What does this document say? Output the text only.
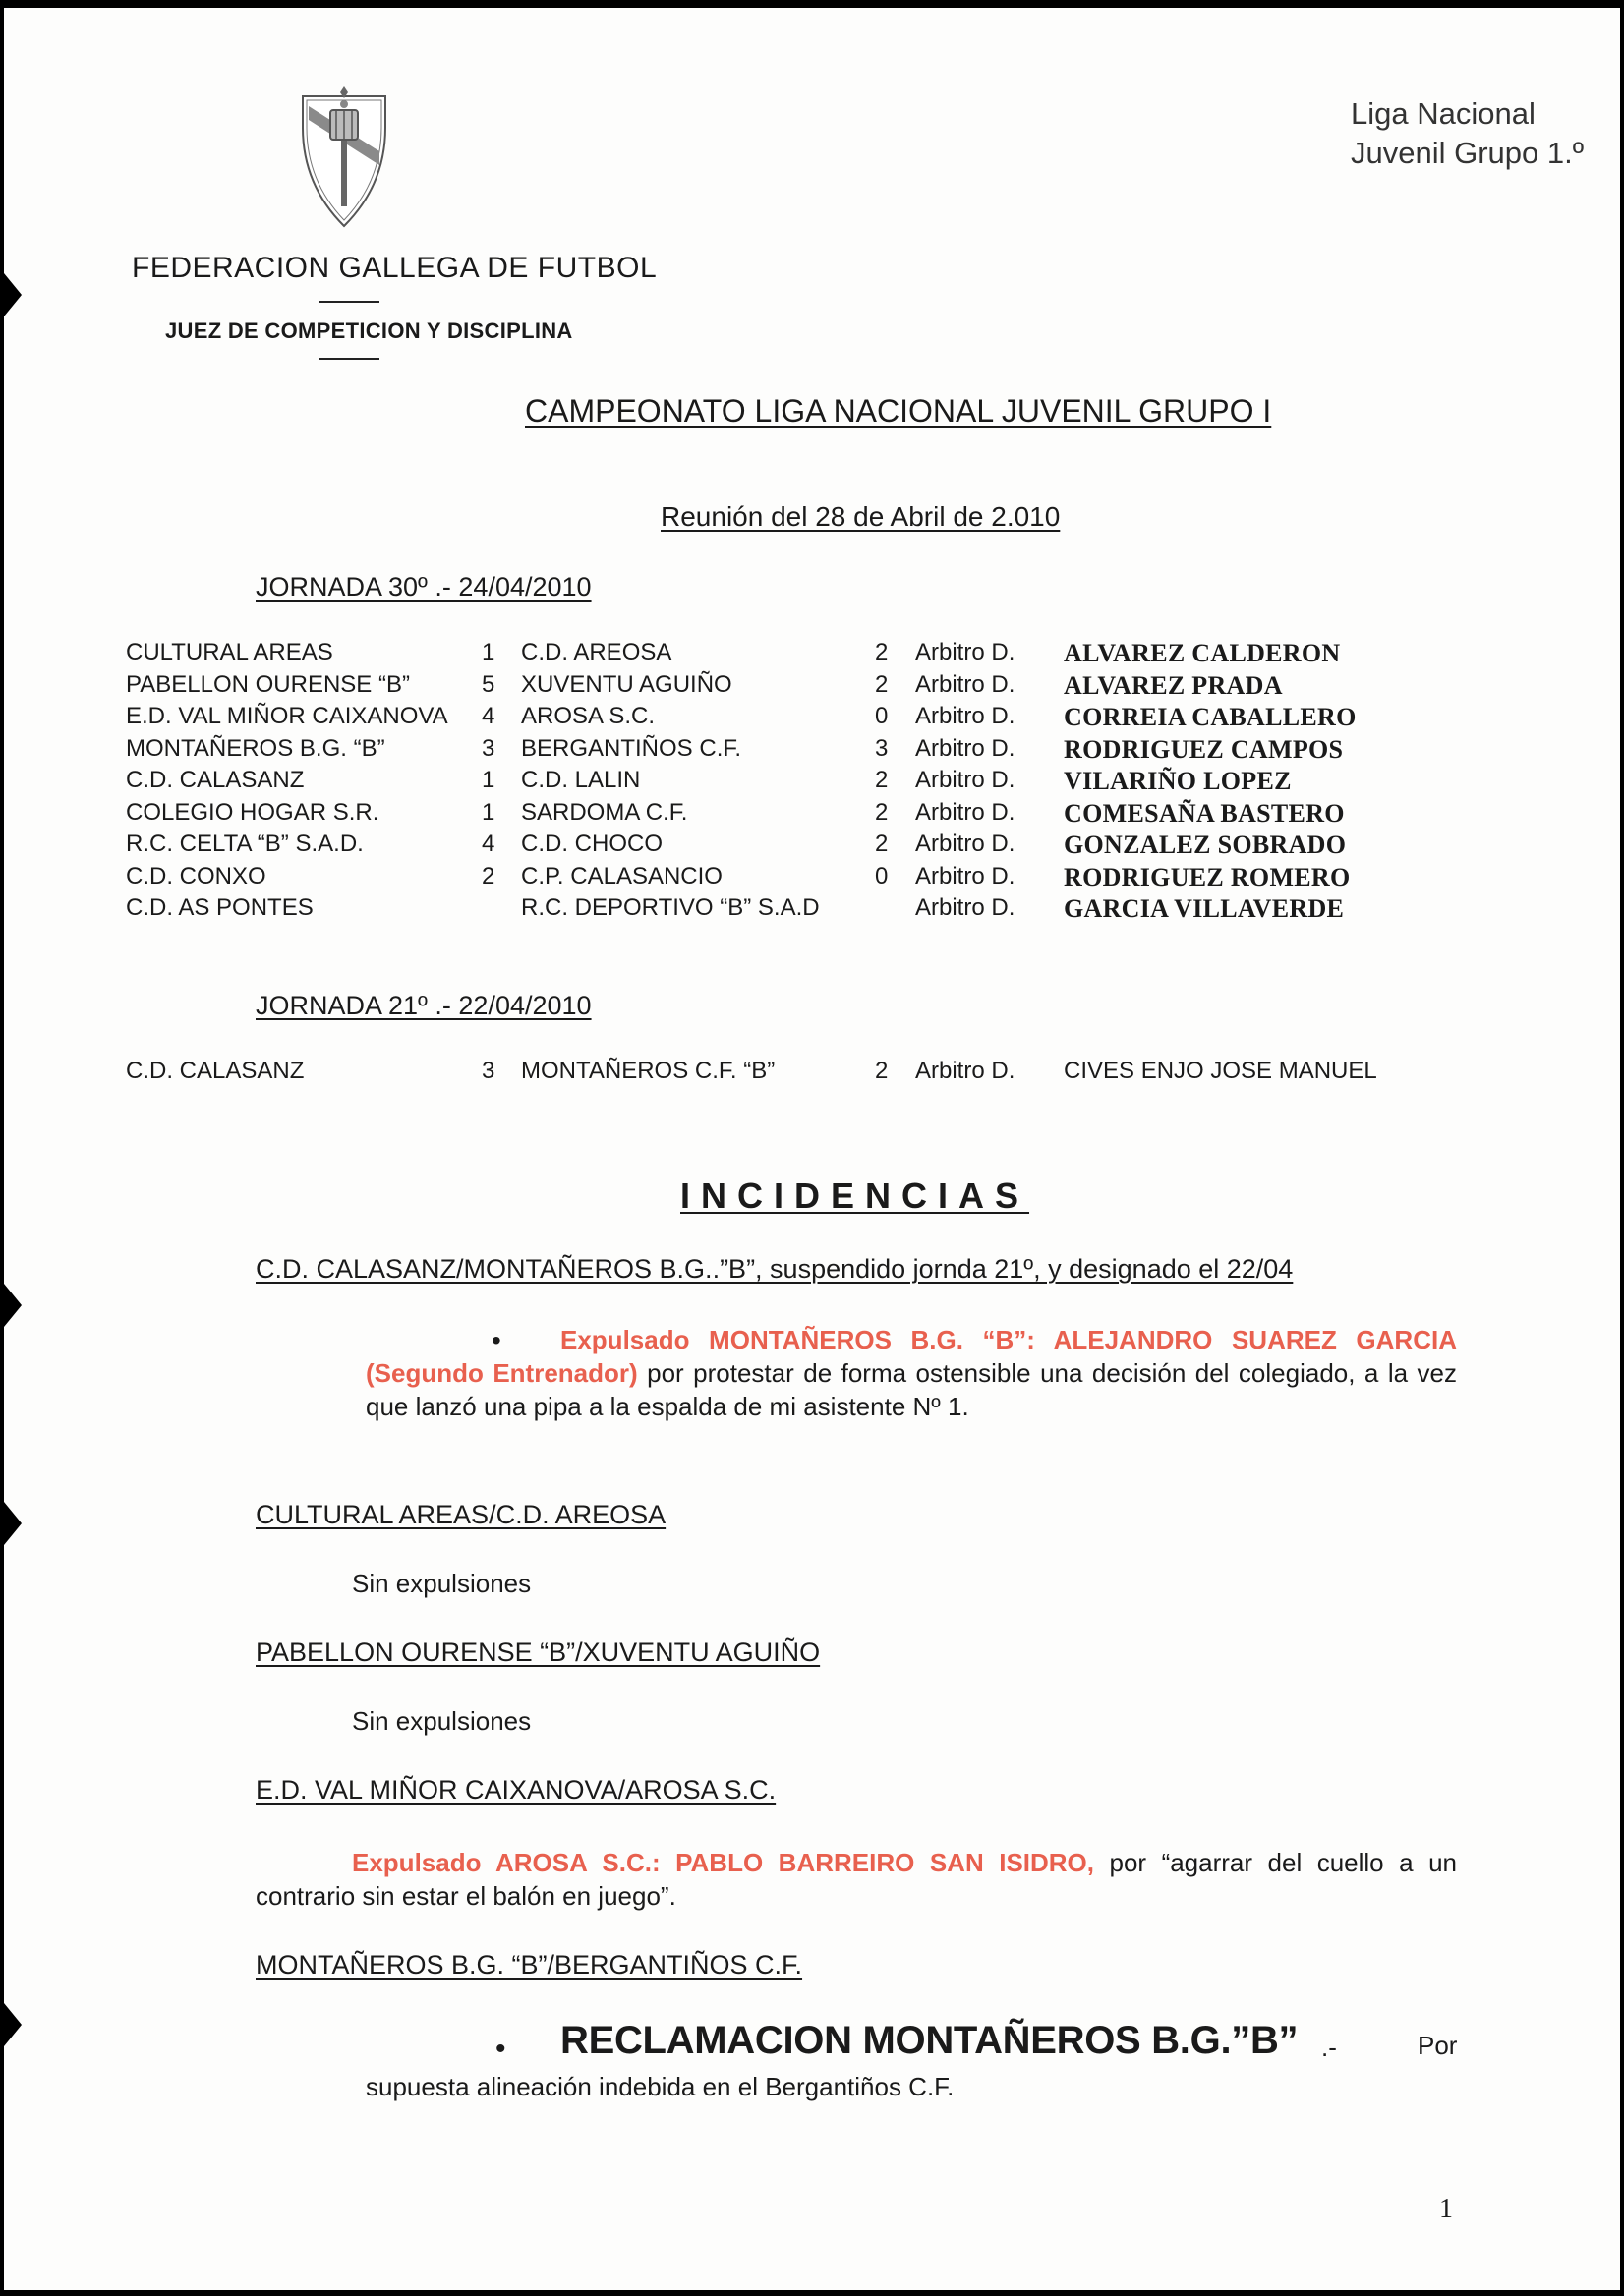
FEDERACION GALLEGA DE FUTBOL

JUEZ DE COMPETICION Y DISCIPLINA

Liga Nacional Juvenil Grupo 1.º

CAMPEONATO LIGA NACIONAL JUVENIL GRUPO I

Reunión del 28 de Abril de 2.010

JORNADA 30º .- 24/04/2010

CULTURAL AREAS	1 C.D. AREOSA	2 Arbitro D. ALVAREZ CALDERON
PABELLON OURENSE “B”	5 XUVENTU AGUIÑO	2 Arbitro D. ALVAREZ PRADA
E.D. VAL MIÑOR CAIXANOVA 4 AROSA S.C.	0 Arbitro D. CORREIA CABALLERO
MONTAÑEROS B.G. “B”	3 BERGANTIÑOS C.F.	3 Arbitro D. RODRIGUEZ CAMPOS
C.D. CALASANZ	1 C.D. LALIN	2 Arbitro D. VILARIÑO LOPEZ
COLEGIO HOGAR S.R.	1 SARDOMA C.F.	2 Arbitro D. COMESAÑA BASTERO
R.C. CELTA “B” S.A.D.	4 C.D. CHOCO	2 Arbitro D. GONZALEZ SOBRADO
C.D. CONXO	2 C.P. CALASANCIO	0 Arbitro D. RODRIGUEZ ROMERO
C.D. AS PONTES	R.C. DEPORTIVO “B” S.A.D	Arbitro D. GARCIA VILLAVERDE

JORNADA 21º .- 22/04/2010

C.D. CALASANZ	3 MONTAÑEROS C.F. “B”	2 Arbitro D. CIVES ENJO JOSE MANUEL

INCIDENCIAS

C.D. CALASANZ/MONTAÑEROS B.G..”B”, suspendido jornda 21º, y designado el 22/04

•	Expulsado MONTAÑEROS B.G. “B”: ALEJANDRO SUAREZ GARCIA (Segundo Entrenador) por protestar de forma ostensible una decisión del colegiado, a la vez que lanzó una pipa a la espalda de mi asistente Nº 1.

CULTURAL AREAS/C.D. AREOSA

Sin expulsiones

PABELLON OURENSE “B”/XUVENTU AGUIÑO

Sin expulsiones

E.D. VAL MIÑOR CAIXANOVA/AROSA S.C.

Expulsado AROSA S.C.: PABLO BARREIRO SAN ISIDRO, por “agarrar del cuello a un contrario sin estar el balón en juego”.

MONTAÑEROS B.G. “B”/BERGANTIÑOS C.F.

• RECLAMACION MONTAÑEROS B.G.”B” .-	Por

supuesta alineación indebida en el Bergantiños C.F.

1
